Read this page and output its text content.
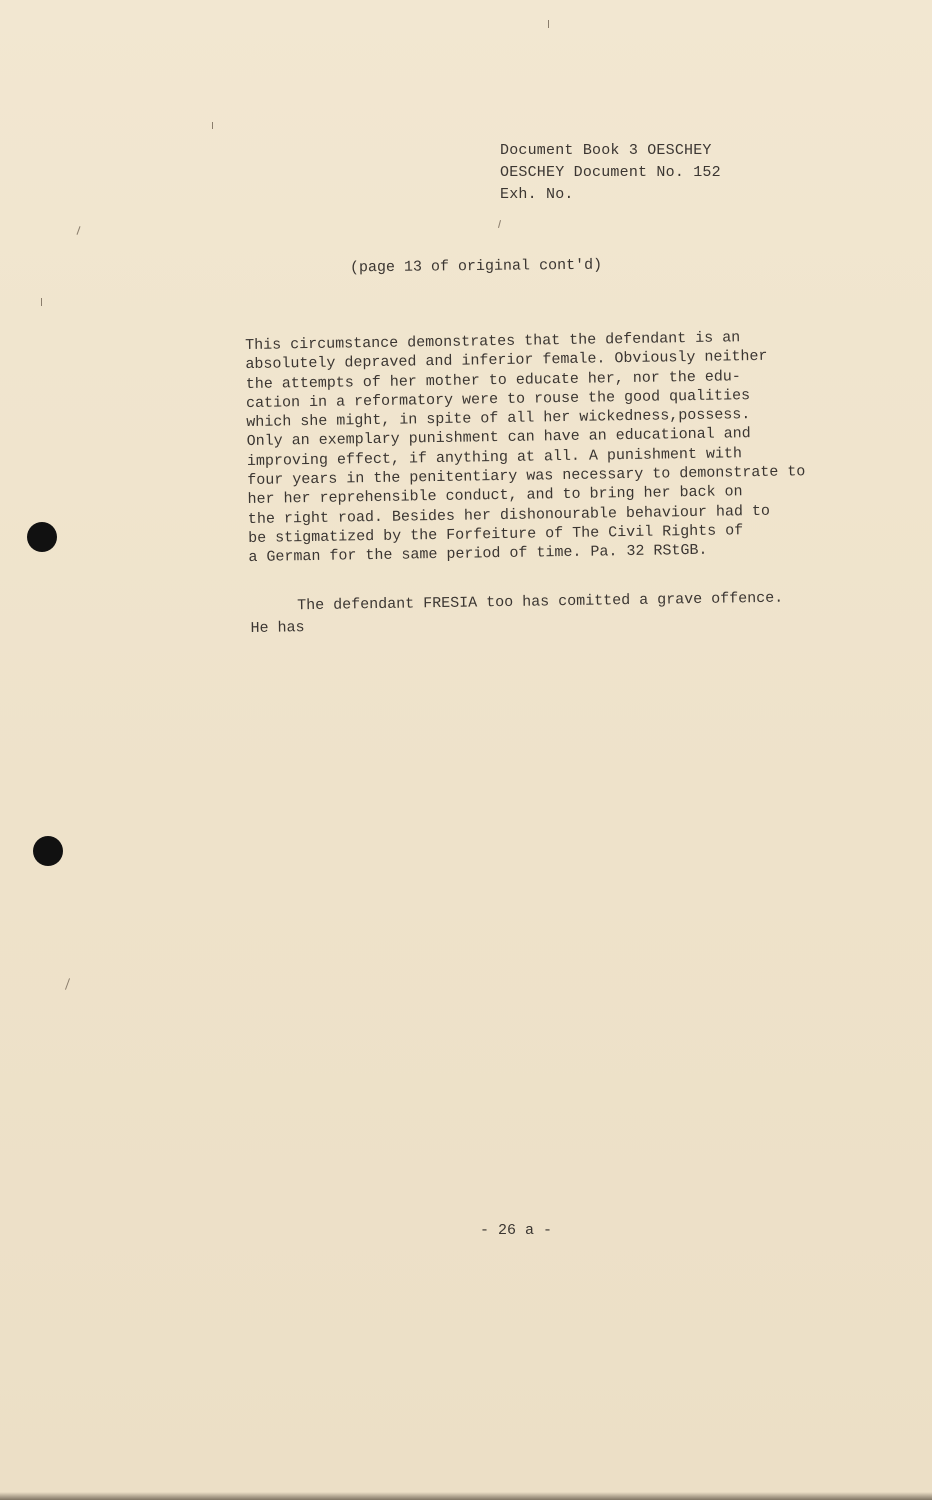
Document Book 3 OESCHEY
OESCHEY Document No. 152
Exh. No.
(page 13 of original cont'd)
This circumstance demonstrates that the defendant is an
absolutely depraved and inferior female. Obviously neither
the attempts of her mother to educate her, nor the edu-
cation in a reformatory were to rouse the good qualities
which she might, in spite of all her wickedness,possess.
Only an exemplary punishment can have an educational and
improving effect, if anything at all. A punishment with
four years in the penitentiary was necessary to demonstrate to
her her reprehensible conduct, and to bring her back on
the right road. Besides her dishonourable behaviour had to
be stigmatized by the Forfeiture of The Civil Rights of
a German for the same period of time. Pa. 32 RStGB.
The defendant FRESIA too has comitted a grave offence.
He has
- 26 a -
